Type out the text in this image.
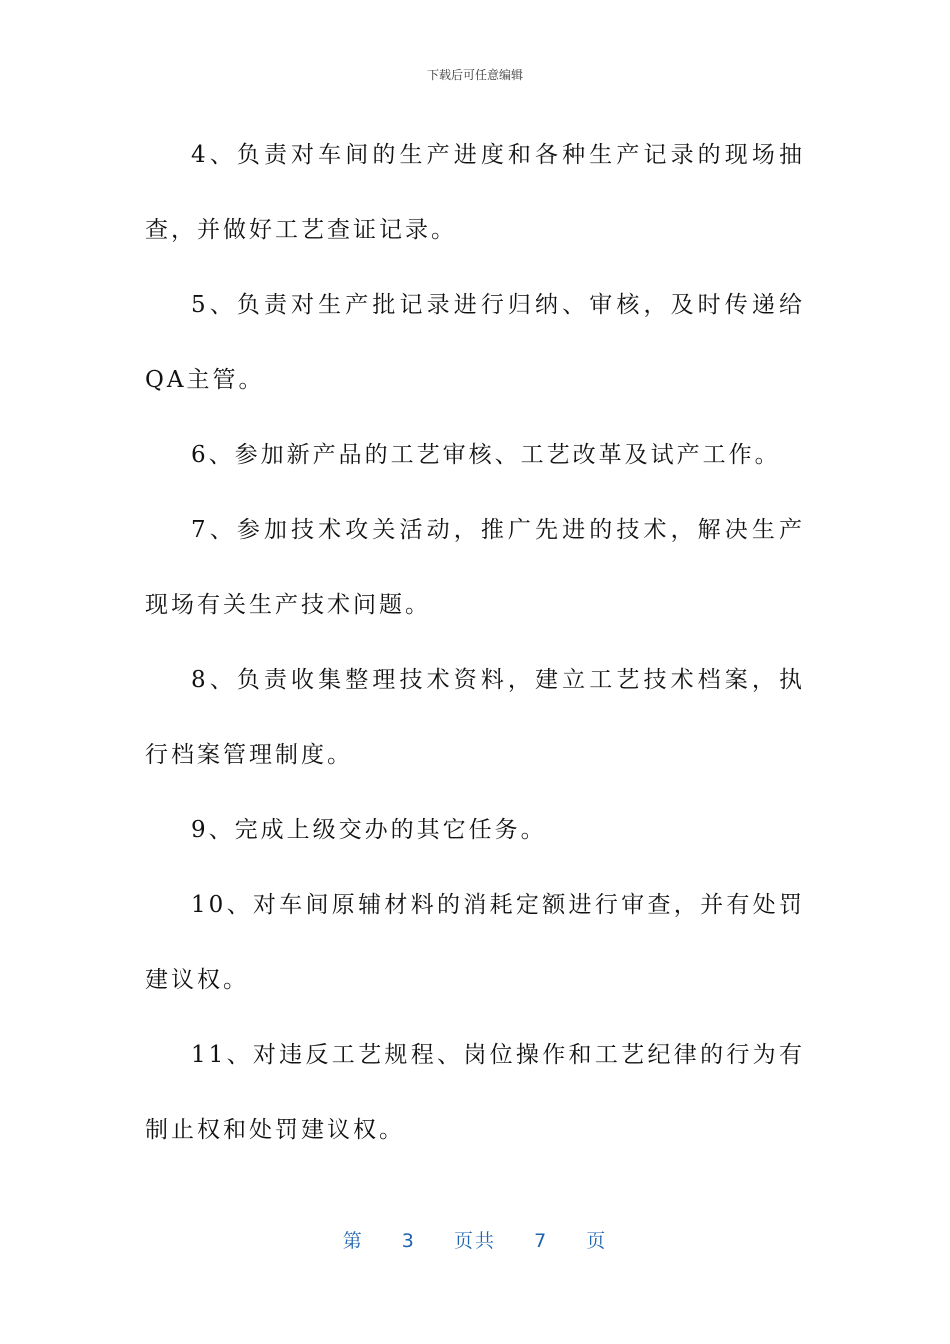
下载后可任意编辑

4、负责对车间的生产进度和各种生产记录的现场抽查，并做好工艺查证记录。

5、负责对生产批记录进行归纳、审核，及时传递给QA主管。

6、参加新产品的工艺审核、工艺改革及试产工作。

7、参加技术攻关活动，推广先进的技术，解决生产现场有关生产技术问题。

8、负责收集整理技术资料，建立工艺技术档案，执行档案管理制度。

9、完成上级交办的其它任务。

10、对车间原辅材料的消耗定额进行审查，并有处罚建议权。

11、对违反工艺规程、岗位操作和工艺纪律的行为有制止权和处罚建议权。

第 3 页共 7 页
